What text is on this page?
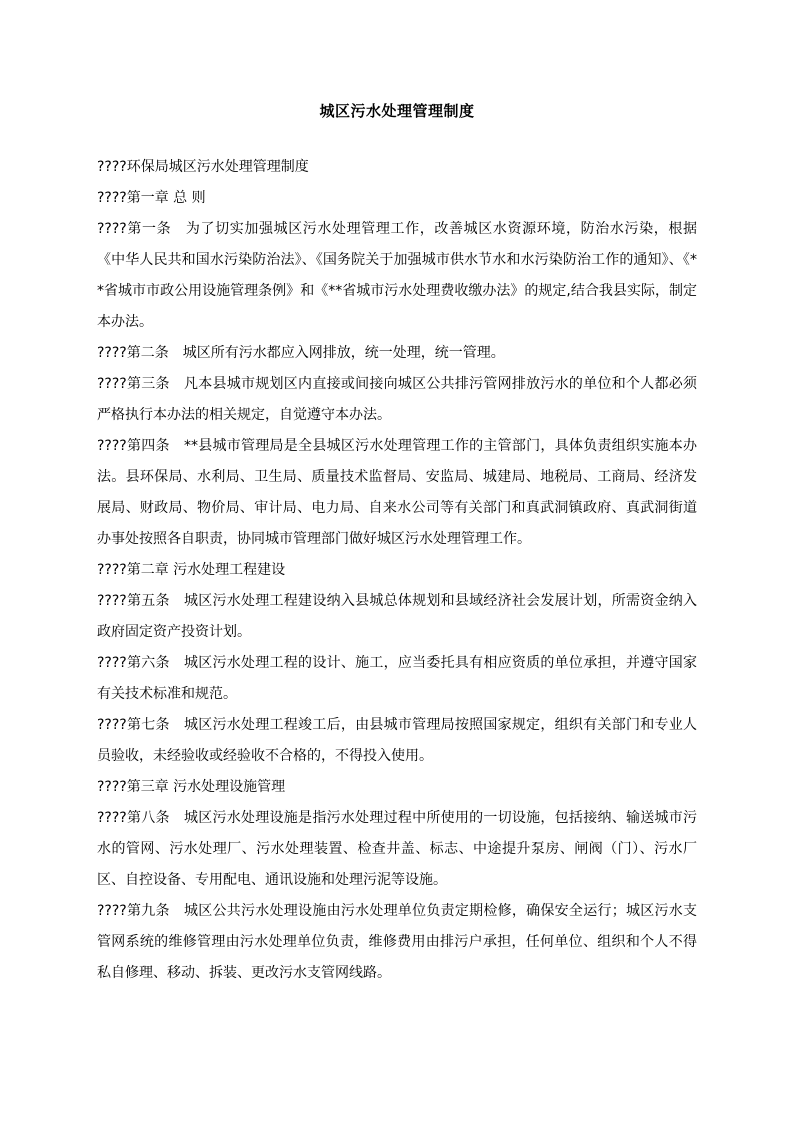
城区污水处理管理制度

????环保局城区污水处理管理制度

????第一章 总 则

????第一条　为了切实加强城区污水处理管理工作，改善城区水资源环境，防治水污染，根据《中华人民共和国水污染防治法》、《国务院关于加强城市供水节水和水污染防治工作的通知》、《**省城市市政公用设施管理条例》和《**省城市污水处理费收缴办法》的规定,结合我县实际，制定本办法。

????第二条　城区所有污水都应入网排放，统一处理，统一管理。

????第三条　凡本县城市规划区内直接或间接向城区公共排污管网排放污水的单位和个人都必须严格执行本办法的相关规定，自觉遵守本办法。

????第四条　**县城市管理局是全县城区污水处理管理工作的主管部门，具体负责组织实施本办法。县环保局、水利局、卫生局、质量技术监督局、安监局、城建局、地税局、工商局、经济发展局、财政局、物价局、审计局、电力局、自来水公司等有关部门和真武洞镇政府、真武洞街道办事处按照各自职责，协同城市管理部门做好城区污水处理管理工作。

????第二章 污水处理工程建设

????第五条　城区污水处理工程建设纳入县城总体规划和县域经济社会发展计划，所需资金纳入政府固定资产投资计划。

????第六条　城区污水处理工程的设计、施工，应当委托具有相应资质的单位承担，并遵守国家有关技术标准和规范。

????第七条　城区污水处理工程竣工后，由县城市管理局按照国家规定，组织有关部门和专业人员验收，未经验收或经验收不合格的，不得投入使用。

????第三章 污水处理设施管理

????第八条　城区污水处理设施是指污水处理过程中所使用的一切设施，包括接纳、输送城市污水的管网、污水处理厂、污水处理装置、检查井盖、标志、中途提升泵房、闸阀（门）、污水厂区、自控设备、专用配电、通讯设施和处理污泥等设施。

????第九条　城区公共污水处理设施由污水处理单位负责定期检修，确保安全运行；城区污水支管网系统的维修管理由污水处理单位负责，维修费用由排污户承担，任何单位、组织和个人不得私自修理、移动、拆装、更改污水支管网线路。
